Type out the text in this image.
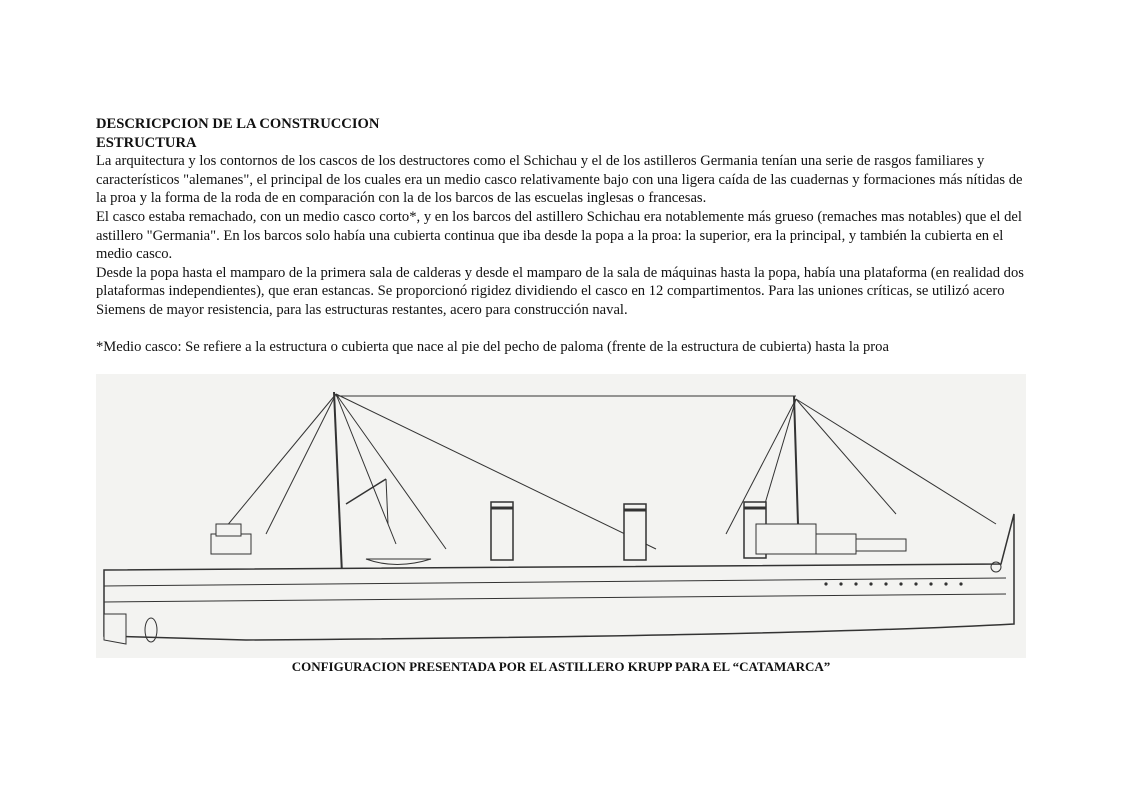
DESCRICPCION DE LA CONSTRUCCION

ESTRUCTURA

La arquitectura y los contornos de los cascos de los destructores como el Schichau y el de los astilleros Germania tenían una serie de rasgos familiares y característicos "alemanes", el principal de los cuales era un medio casco relativamente bajo con una ligera caída de las cuadernas y formaciones más nítidas de la proa y la forma de la roda de en comparación con la de los barcos de las escuelas inglesas o francesas.

El casco estaba remachado, con un medio casco corto*, y en los barcos del astillero Schichau era notablemente más grueso (remaches mas notables) que el del astillero "Germania". En los barcos solo había una cubierta continua que iba desde la popa a la proa: la superior, era la principal, y también la cubierta en el medio casco.

Desde la popa hasta el mamparo de la primera sala de calderas y desde el mamparo de la sala de máquinas hasta la popa, había una plataforma (en realidad dos plataformas independientes), que eran estancas. Se proporcionó rigidez dividiendo el casco en 12 compartimentos. Para las uniones críticas, se utilizó acero Siemens de mayor resistencia, para las estructuras restantes, acero para construcción naval.

*Medio casco: Se refiere a la estructura o cubierta que nace al pie del pecho de paloma (frente de la estructura de cubierta) hasta la proa

CONFIGURACION PRESENTADA POR EL ASTILLERO KRUPP PARA EL “CATAMARCA”
